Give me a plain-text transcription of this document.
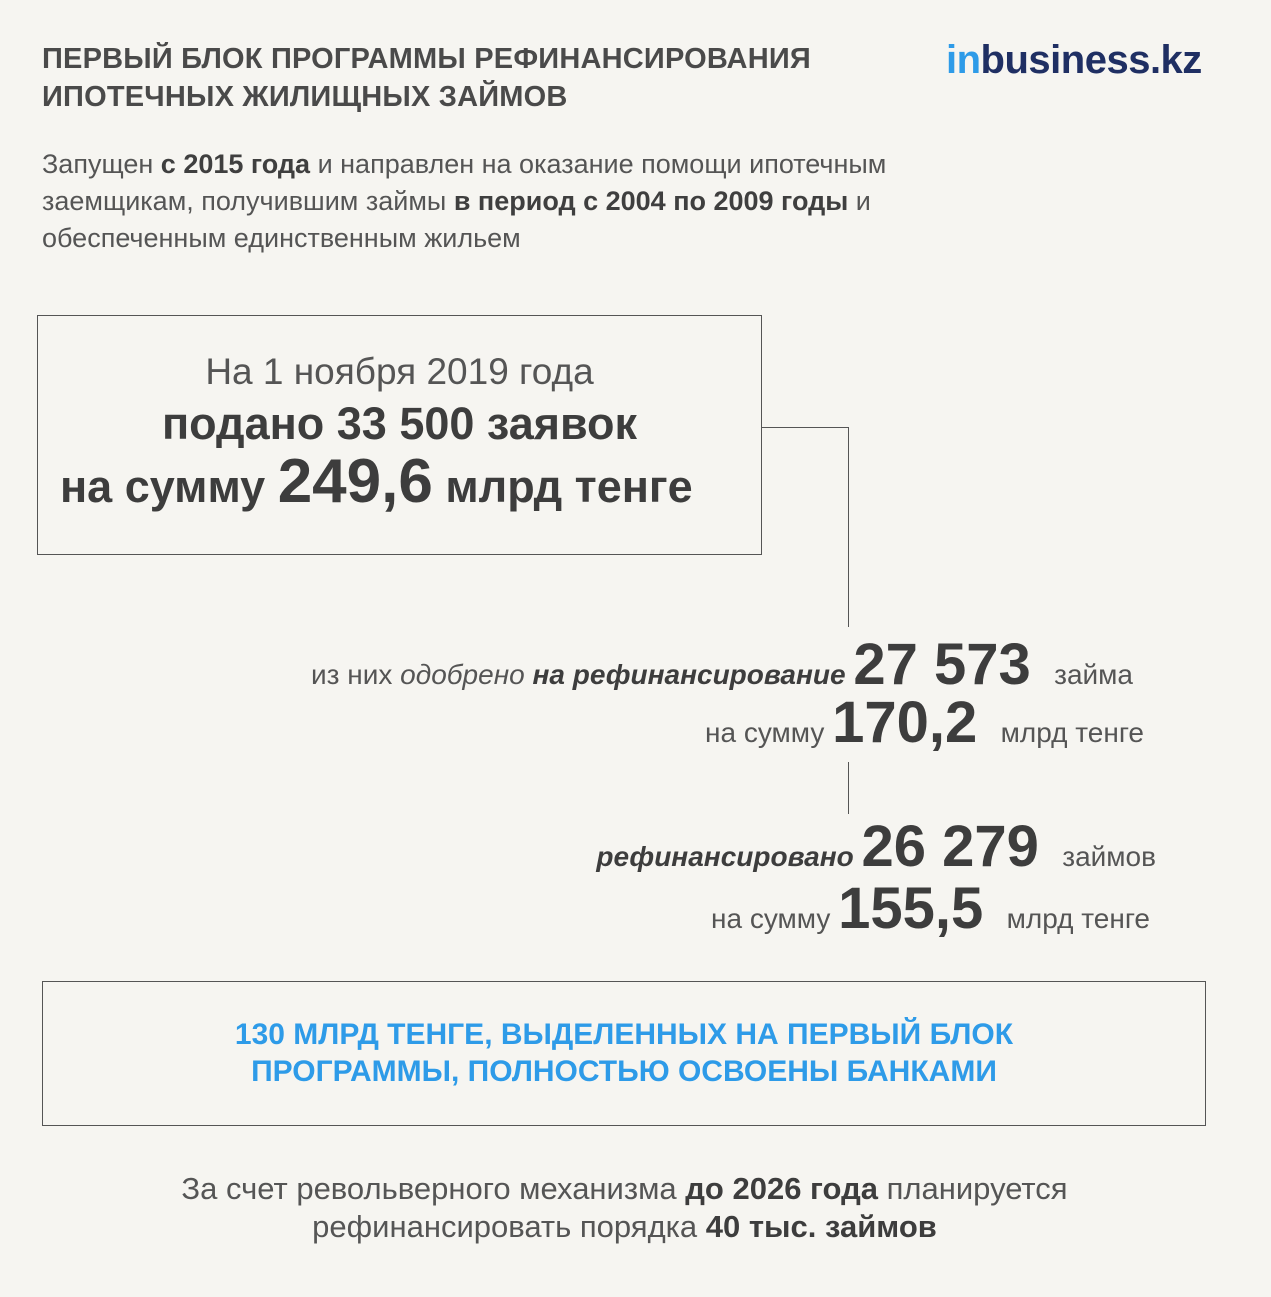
ПЕРВЫЙ БЛОК ПРОГРАММЫ РЕФИНАНСИРОВАНИЯ
ИПОТЕЧНЫХ ЖИЛИЩНЫХ ЗАЙМОВ
inbusiness.kz
Запущен с 2015 года и направлен на оказание помощи ипотечным
заемщикам, получившим займы в период с 2004 по 2009 годы и
обеспеченным единственным жильем
На 1 ноября 2019 года
подано 33 500 заявок
на сумму 249,6 млрд тенге
из них одобрено на рефинансирование 27 573 займа
на сумму 170,2 млрд тенге
рефинансировано 26 279 займов
на сумму 155,5 млрд тенге
130 МЛРД ТЕНГЕ, ВЫДЕЛЕННЫХ НА ПЕРВЫЙ БЛОК
ПРОГРАММЫ, ПОЛНОСТЬЮ ОСВОЕНЫ БАНКАМИ
За счет револьверного механизма до 2026 года планируется
рефинансировать порядка 40 тыс. займов
